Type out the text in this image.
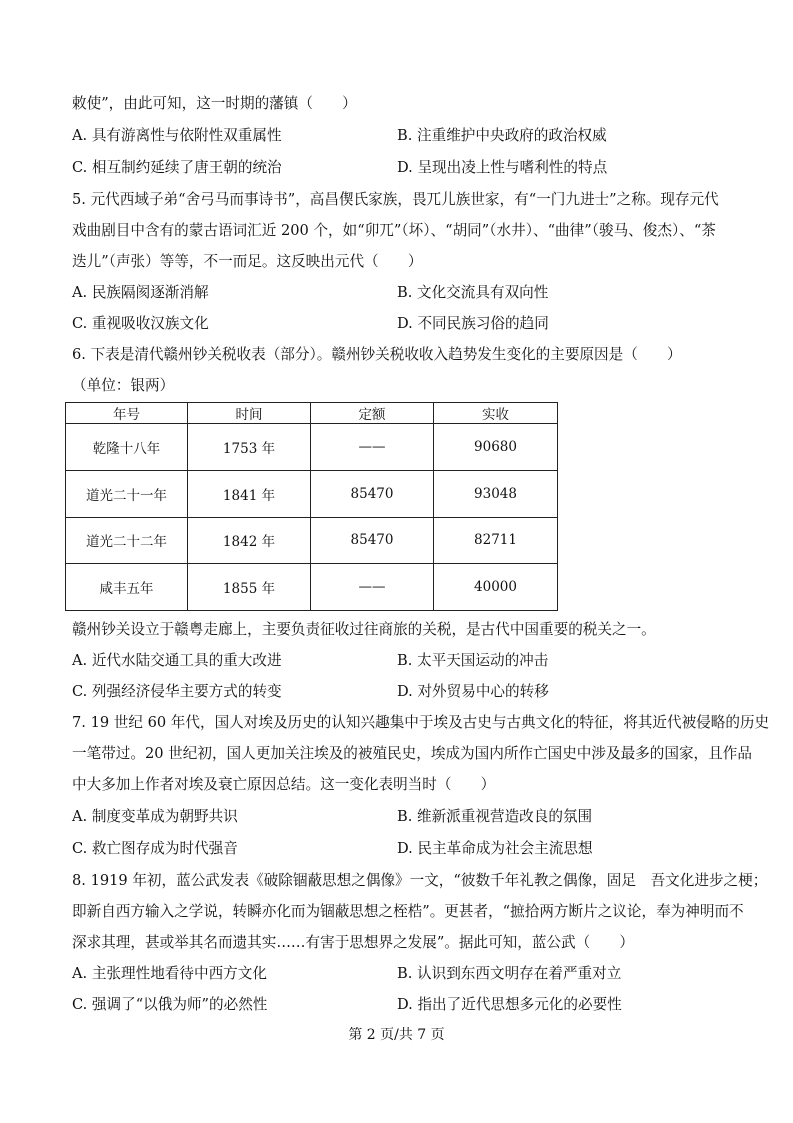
敕使”，由此可知，这一时期的藩镇（　　）
A. 具有游离性与依附性双重属性	B. 注重维护中央政府的政治权威
C. 相互制约延续了唐王朝的统治	D. 呈现出凌上性与嗜利性的特点
5. 元代西域子弟“舍弓马而事诗书”，高昌偰氏家族，畏兀儿族世家，有“一门九进士”之称。现存元代
戏曲剧目中含有的蒙古语词汇近 200 个，如“卯兀”（坏）、“胡同”（水井）、“曲律”（骏马、俊杰）、“茶
迭儿”（声张）等等，不一而足。这反映出元代（　　）
A. 民族隔阂逐渐消解	B. 文化交流具有双向性
C. 重视吸收汉族文化	D. 不同民族习俗的趋同
6. 下表是清代赣州钞关税收表（部分）。赣州钞关税收收入趋势发生变化的主要原因是（　　）
（单位：银两）
年号	时间	定额	实收
乾隆十八年	1753 年	——	90680
道光二十一年	1841 年	85470	93048
道光二十二年	1842 年	85470	82711
咸丰五年	1855 年	——	40000
赣州钞关设立于赣粤走廊上，主要负责征收过往商旅的关税，是古代中国重要的税关之一。
A. 近代水陆交通工具的重大改进	B. 太平天国运动的冲击
C. 列强经济侵华主要方式的转变	D. 对外贸易中心的转移
7. 19 世纪 60 年代，国人对埃及历史的认知兴趣集中于埃及古史与古典文化的特征，将其近代被侵略的历史
一笔带过。20 世纪初，国人更加关注埃及的被殖民史，埃成为国内所作亡国史中涉及最多的国家，且作品
中大多加上作者对埃及衰亡原因总结。这一变化表明当时（　　）
A. 制度变革成为朝野共识	B. 维新派重视营造改良的氛围
C. 救亡图存成为时代强音	D. 民主革命成为社会主流思想
8. 1919 年初，蓝公武发表《破除锢蔽思想之偶像》一文，“彼数千年礼教之偶像，固足　吾文化进步之梗；
即新自西方输入之学说，转瞬亦化而为锢蔽思想之桎梏”。更甚者，“摭拾两方断片之议论，奉为神明而不
深求其理，甚或举其名而遗其实……有害于思想界之发展”。据此可知，蓝公武（　　）
A. 主张理性地看待中西方文化	B. 认识到东西文明存在着严重对立
C. 强调了“以俄为师”的必然性	D. 指出了近代思想多元化的必要性
第 2 页/共 7 页
